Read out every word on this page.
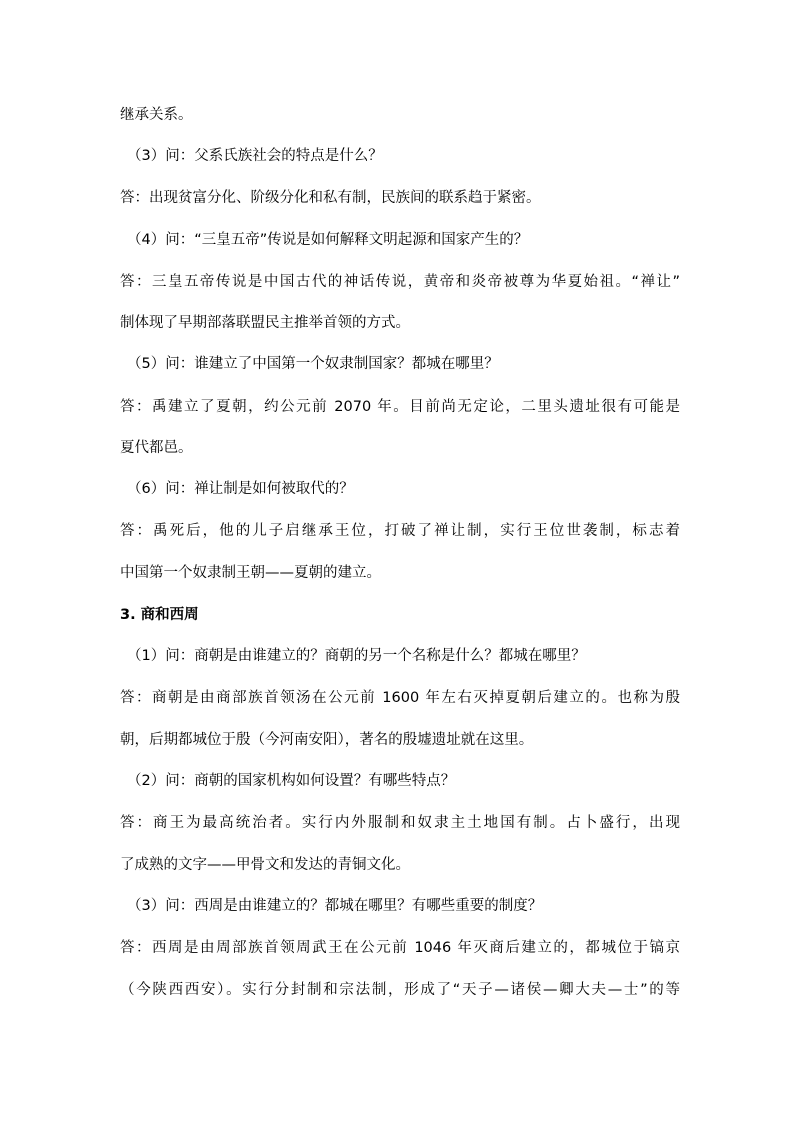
继承关系。
（3）问：父系氏族社会的特点是什么？
答：出现贫富分化、阶级分化和私有制，民族间的联系趋于紧密。
（4）问：“三皇五帝”传说是如何解释文明起源和国家产生的？
答：三皇五帝传说是中国古代的神话传说，黄帝和炎帝被尊为华夏始祖。“禅让”
制体现了早期部落联盟民主推举首领的方式。
（5）问：谁建立了中国第一个奴隶制国家？都城在哪里？
答：禹建立了夏朝，约公元前 2070 年。目前尚无定论，二里头遗址很有可能是
夏代都邑。
（6）问：禅让制是如何被取代的？
答：禹死后，他的儿子启继承王位，打破了禅让制，实行王位世袭制，标志着
中国第一个奴隶制王朝——夏朝的建立。
3. 商和西周
（1）问：商朝是由谁建立的？商朝的另一个名称是什么？都城在哪里？
答：商朝是由商部族首领汤在公元前 1600 年左右灭掉夏朝后建立的。也称为殷
朝，后期都城位于殷（今河南安阳），著名的殷墟遗址就在这里。
（2）问：商朝的国家机构如何设置？有哪些特点？
答：商王为最高统治者。实行内外服制和奴隶主土地国有制。占卜盛行，出现
了成熟的文字——甲骨文和发达的青铜文化。
（3）问：西周是由谁建立的？都城在哪里？有哪些重要的制度？
答：西周是由周部族首领周武王在公元前 1046 年灭商后建立的，都城位于镐京
（今陕西西安）。实行分封制和宗法制，形成了“天子—诸侯—卿大夫—士”的等
